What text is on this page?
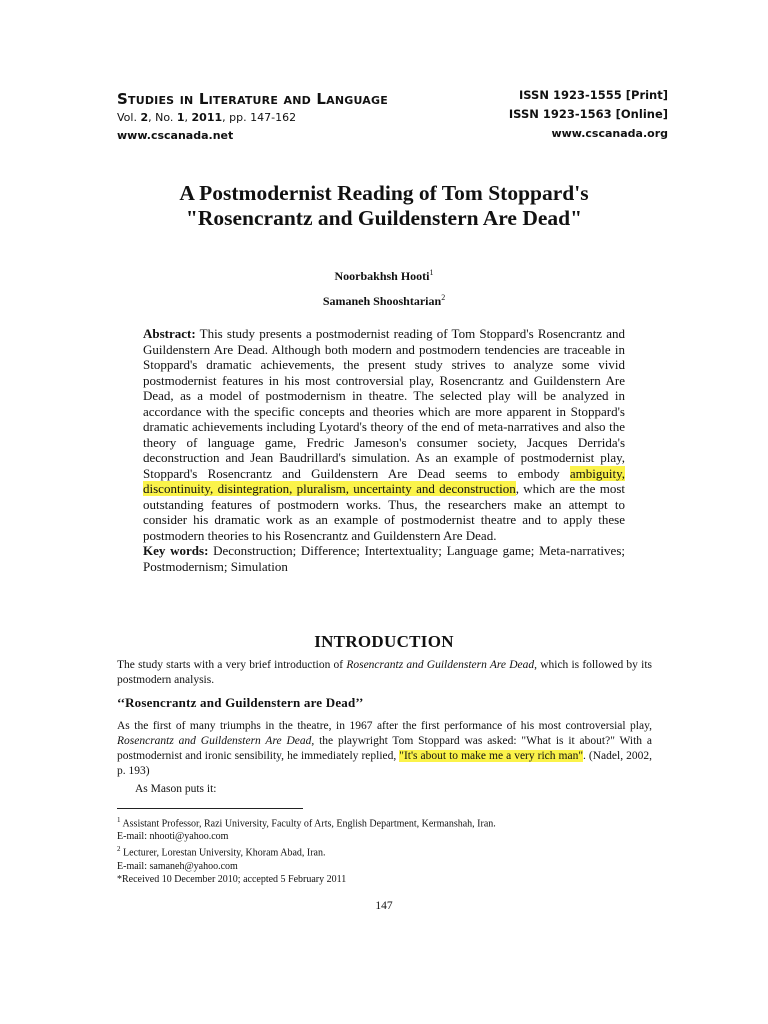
Studies in Literature and Language
Vol. 2, No. 1, 2011, pp. 147-162
www.cscanada.net
ISSN 1923-1555 [Print]
ISSN 1923-1563 [Online]
www.cscanada.org
A Postmodernist Reading of Tom Stoppard's
"Rosencrantz and Guildenstern Are Dead"
Noorbakhsh Hooti$^1$
Samaneh Shooshtarian$^2$
Abstract: This study presents a postmodernist reading of Tom Stoppard's Rosencrantz and Guildenstern Are Dead. Although both modern and postmodern tendencies are traceable in Stoppard's dramatic achievements, the present study strives to analyze some vivid postmodernist features in his most controversial play, Rosencrantz and Guildenstern Are Dead, as a model of postmodernism in theatre. The selected play will be analyzed in accordance with the specific concepts and theories which are more apparent in Stoppard's dramatic achievements including Lyotard's theory of the end of meta-narratives and also the theory of language game, Fredric Jameson's consumer society, Jacques Derrida's deconstruction and Jean Baudrillard's simulation. As an example of postmodernist play, Stoppard's Rosencrantz and Guildenstern Are Dead seems to embody ambiguity, discontinuity, disintegration, pluralism, uncertainty and deconstruction, which are the most outstanding features of postmodern works. Thus, the researchers make an attempt to consider his dramatic work as an example of postmodernist theatre and to apply these postmodern theories to his Rosencrantz and Guildenstern Are Dead.
Key words: Deconstruction; Difference; Intertextuality; Language game; Meta-narratives; Postmodernism; Simulation
INTRODUCTION
The study starts with a very brief introduction of Rosencrantz and Guildenstern Are Dead, which is followed by its postmodern analysis.
‘‘Rosencrantz and Guildenstern are Dead’’
As the first of many triumphs in the theatre, in 1967 after the first performance of his most controversial play, Rosencrantz and Guildenstern Are Dead, the playwright Tom Stoppard was asked: "What is it about?" With a postmodernist and ironic sensibility, he immediately replied, "It's about to make me a very rich man". (Nadel, 2002, p. 193)
As Mason puts it:
$^1$ Assistant Professor, Razi University, Faculty of Arts, English Department, Kermanshah, Iran.
E-mail: nhooti@yahoo.com
$^2$ Lecturer, Lorestan University, Khoram Abad, Iran.
E-mail: samaneh@yahoo.com
*Received 10 December 2010; accepted 5 February 2011
147
